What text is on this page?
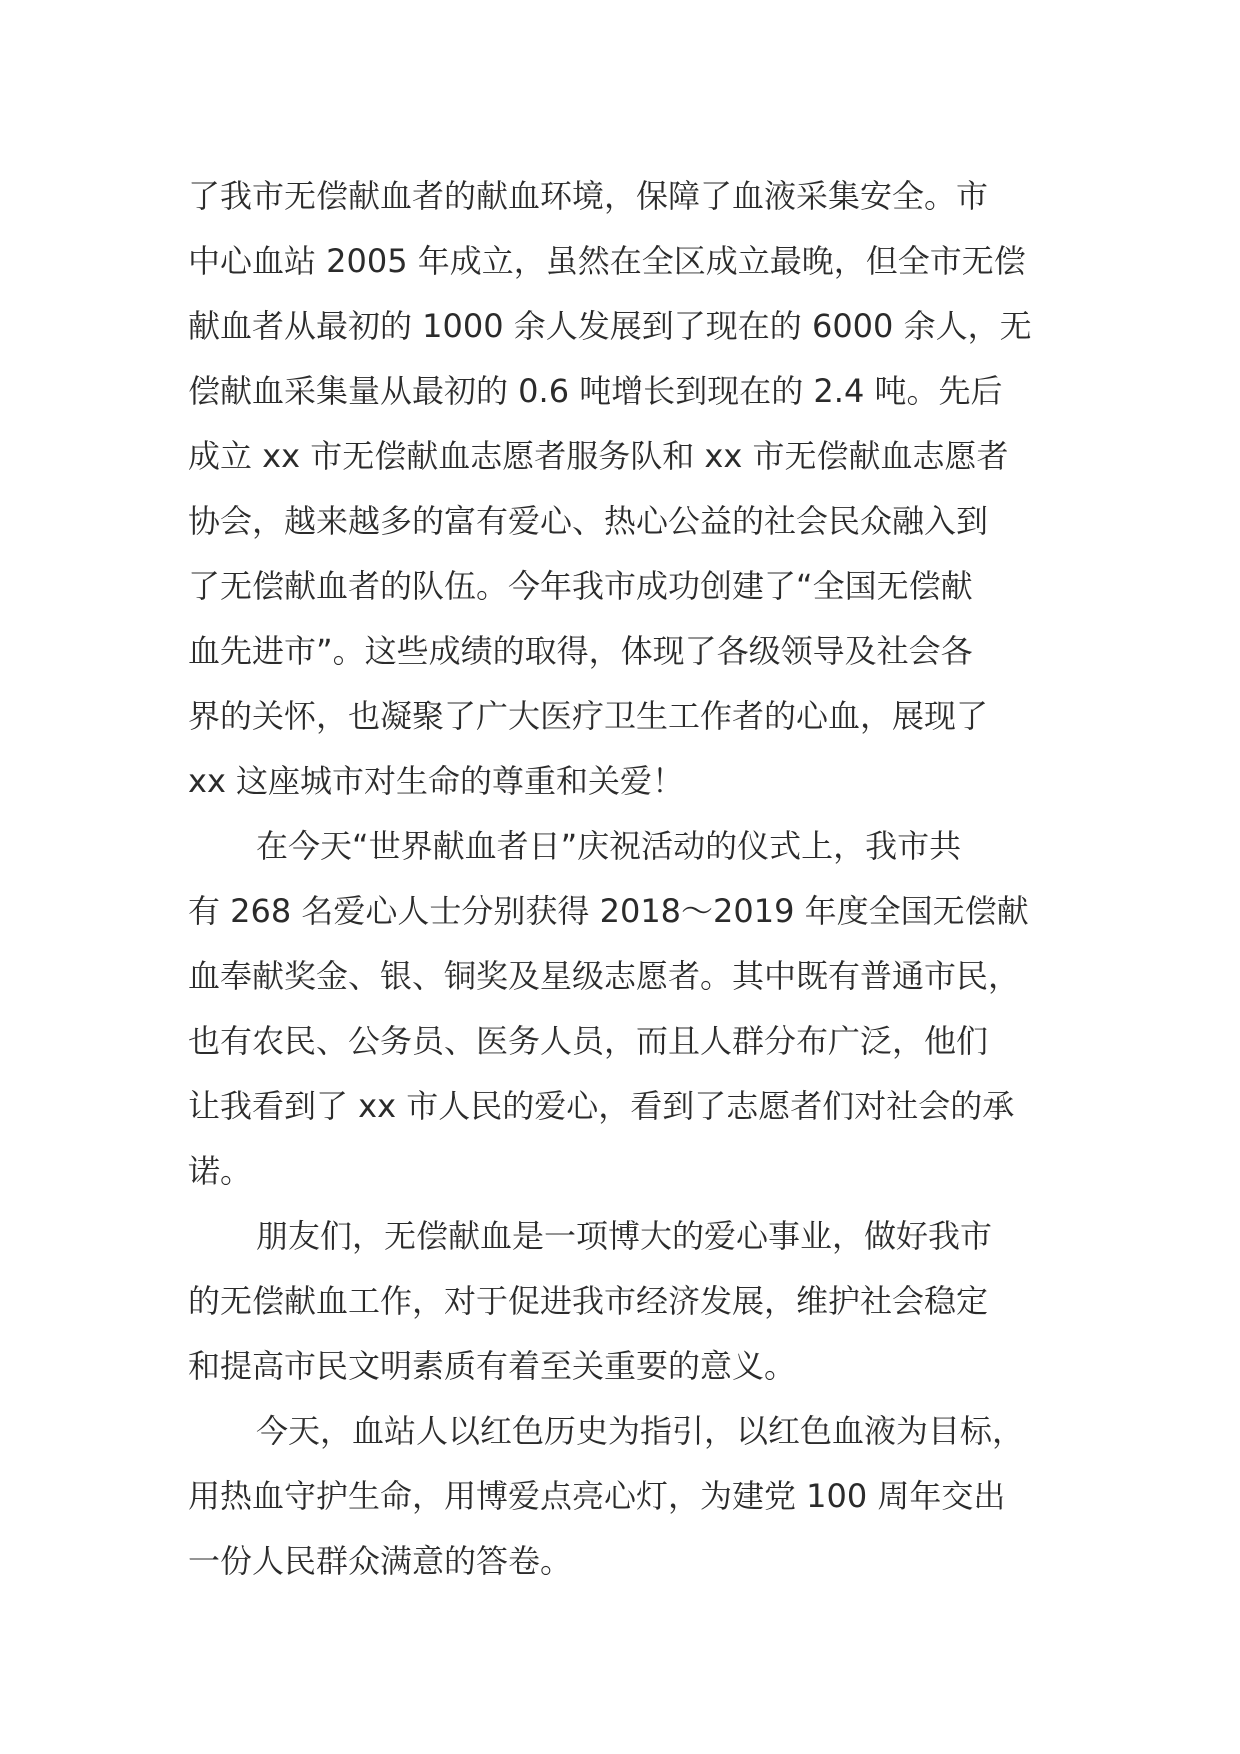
了我市无偿献血者的献血环境，保障了血液采集安全。市
中心血站 2005 年成立，虽然在全区成立最晚，但全市无偿
献血者从最初的 1000 余人发展到了现在的 6000 余人，无
偿献血采集量从最初的 0.6 吨增长到现在的 2.4 吨。先后
成立 xx 市无偿献血志愿者服务队和 xx 市无偿献血志愿者
协会，越来越多的富有爱心、热心公益的社会民众融入到
了无偿献血者的队伍。今年我市成功创建了“全国无偿献
血先进市”。这些成绩的取得，体现了各级领导及社会各
界的关怀，也凝聚了广大医疗卫生工作者的心血，展现了
xx 这座城市对生命的尊重和关爱！
在今天“世界献血者日”庆祝活动的仪式上，我市共
有 268 名爱心人士分别获得 2018～2019 年度全国无偿献
血奉献奖金、银、铜奖及星级志愿者。其中既有普通市民，
也有农民、公务员、医务人员，而且人群分布广泛，他们
让我看到了 xx 市人民的爱心，看到了志愿者们对社会的承
诺。
朋友们，无偿献血是一项博大的爱心事业，做好我市
的无偿献血工作，对于促进我市经济发展，维护社会稳定
和提高市民文明素质有着至关重要的意义。
今天，血站人以红色历史为指引，以红色血液为目标，
用热血守护生命，用博爱点亮心灯，为建党 100 周年交出
一份人民群众满意的答卷。
